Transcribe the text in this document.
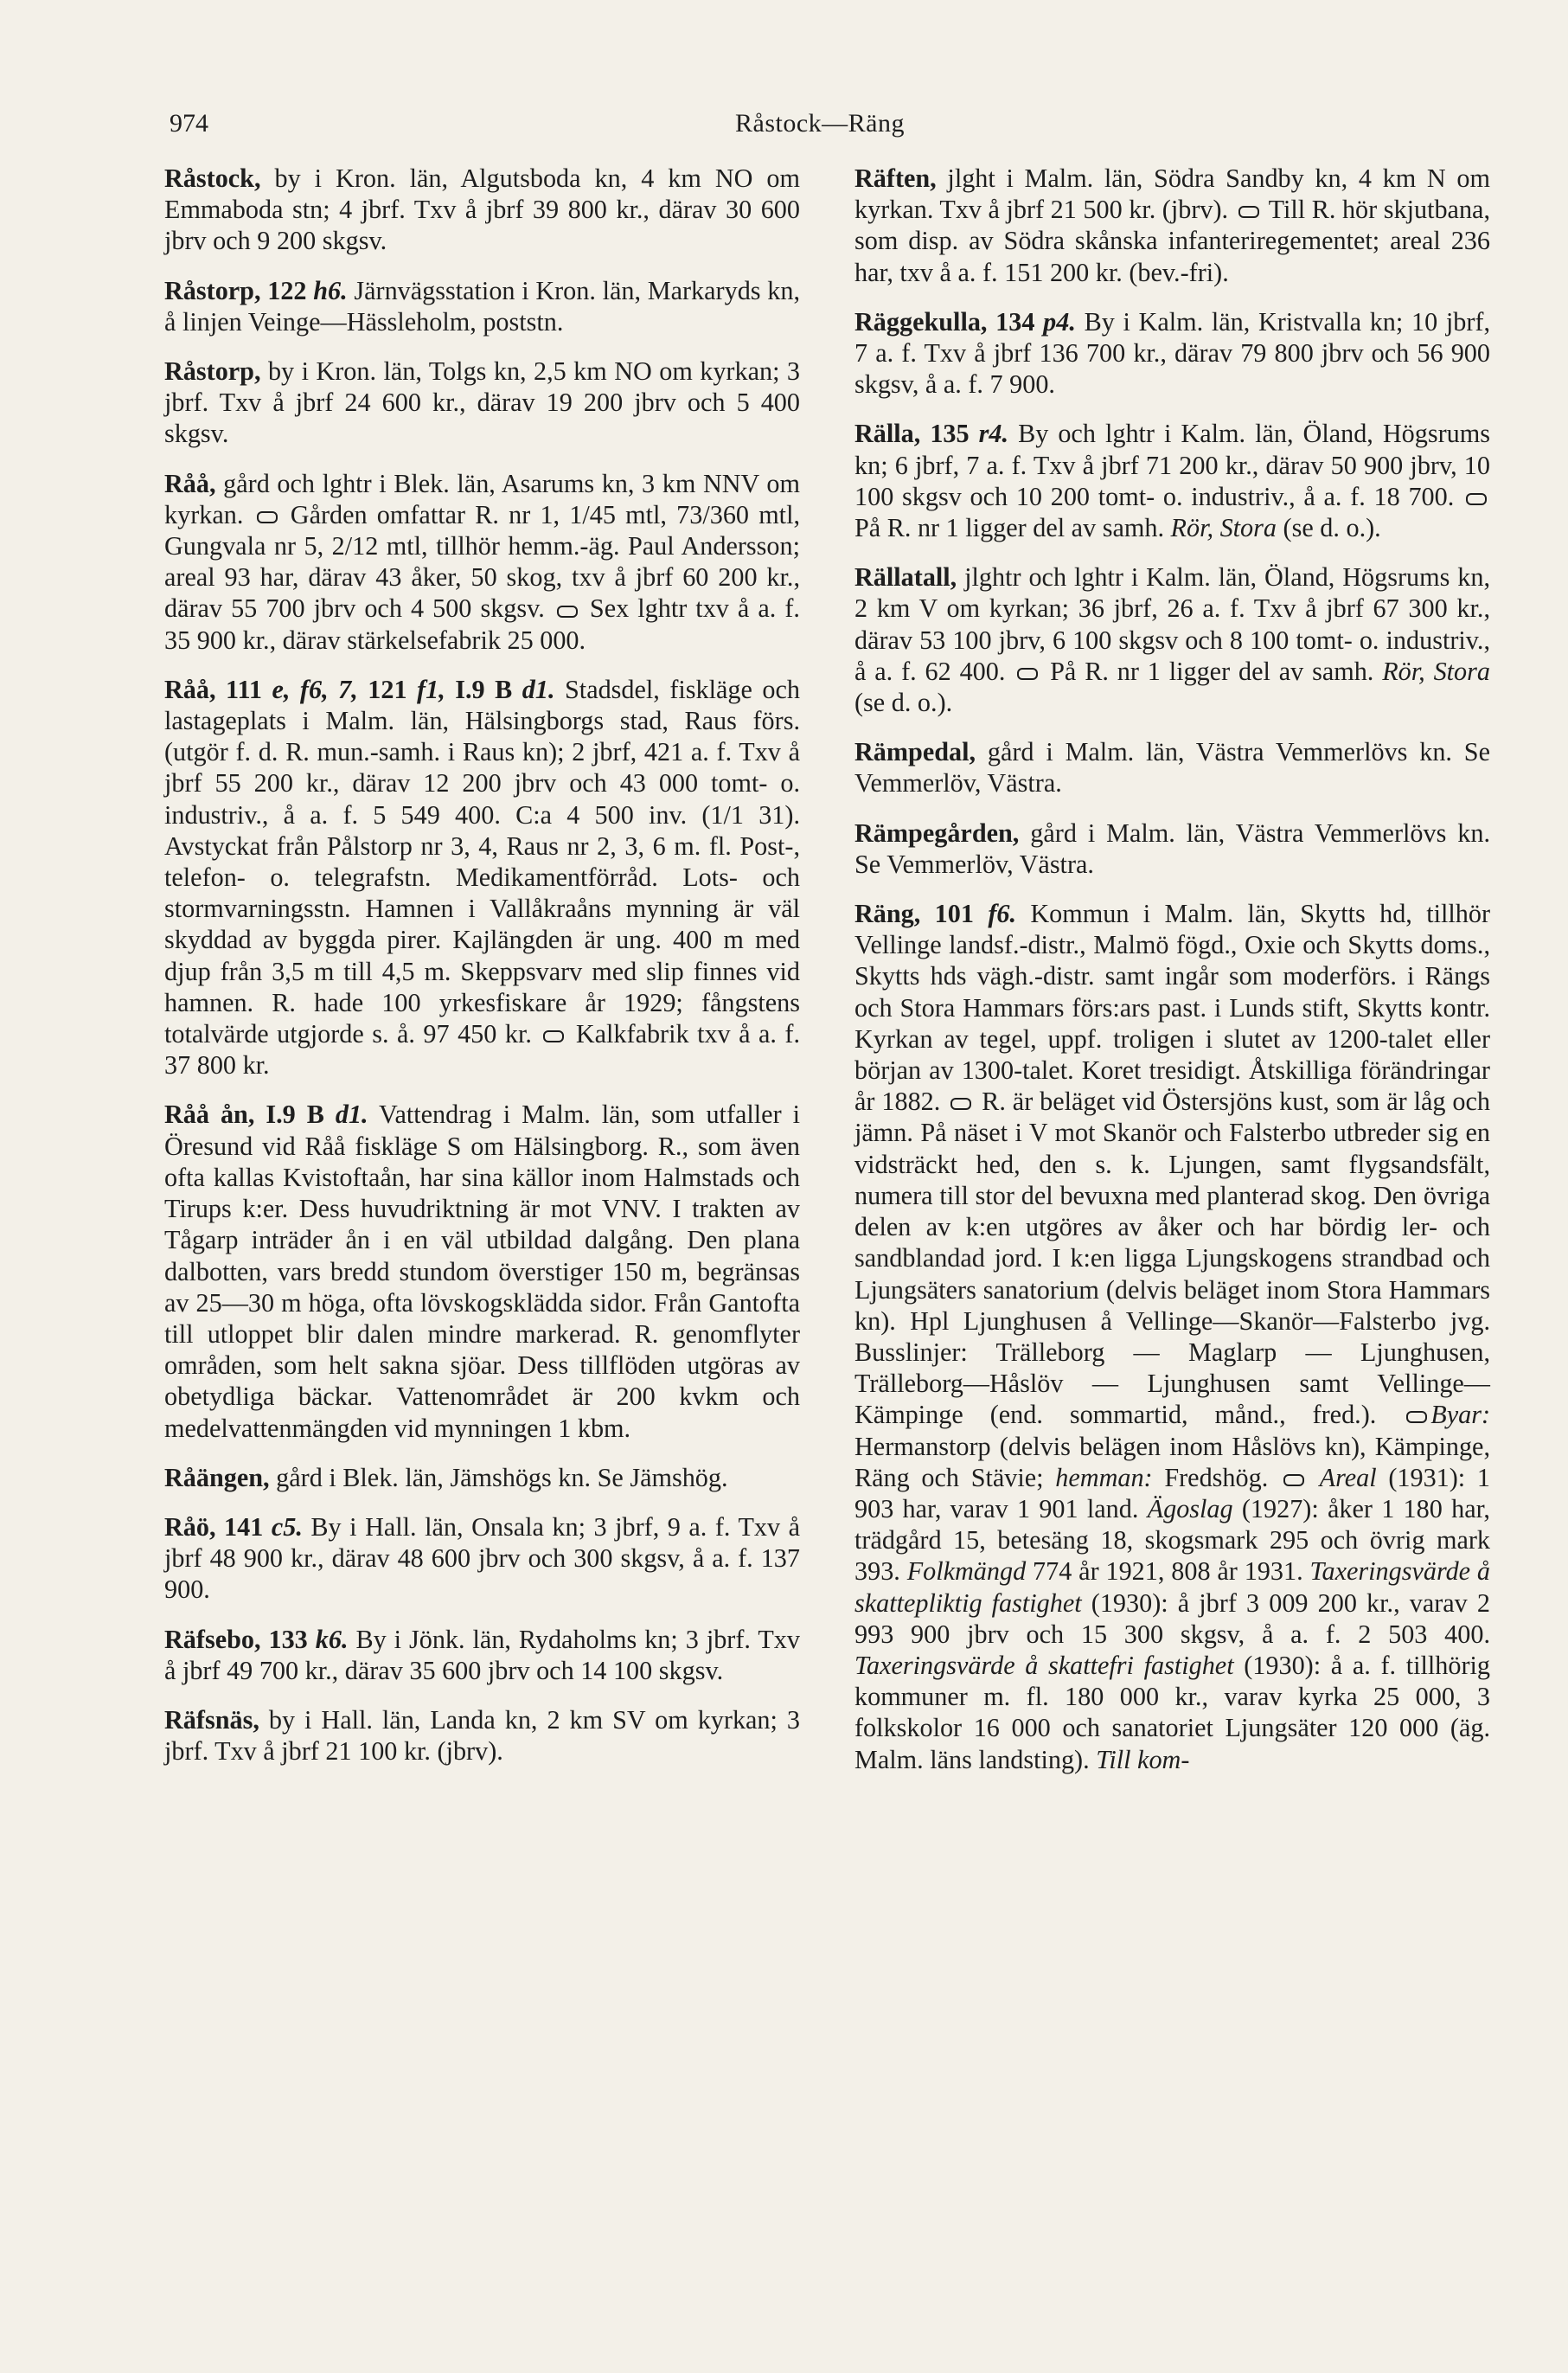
974	Råstock—Räng

Råstock, by i Kron. län, Algutsboda kn, 4 km NO om Emmaboda stn; 4 jbrf. Txv å jbrf 39 800 kr., därav 30 600 jbrv och 9 200 skgsv.

Råstorp, 122 h6. Järnvägsstation i Kron. län, Markaryds kn, å linjen Veinge—Hässleholm, poststn.

Råstorp, by i Kron. län, Tolgs kn, 2,5 km NO om kyrkan; 3 jbrf. Txv å jbrf 24 600 kr., därav 19 200 jbrv och 5 400 skgsv.

Råå, gård och lghtr i Blek. län, Asarums kn, 3 km NNV om kyrkan.  Gården omfattar R. nr 1, 1/45 mtl, 73/360 mtl, Gungvala nr 5, 2/12 mtl, tillhör hemm.-äg. Paul Andersson; areal 93 har, därav 43 åker, 50 skog, txv å jbrf 60 200 kr., därav 55 700 jbrv och 4 500 skgsv.  Sex lghtr txv å a. f. 35 900 kr., därav stärkelsefabrik 25 000.

Råå, 111 e, f6, 7, 121 f1, I.9 B d1. Stadsdel, fiskläge och lastageplats i Malm. län, Hälsingborgs stad, Raus förs. (utgör f. d. R. mun.-samh. i Raus kn); 2 jbrf, 421 a. f. Txv å jbrf 55 200 kr., därav 12 200 jbrv och 43 000 tomt- o. industriv., å a. f. 5 549 400. C:a 4 500 inv. (1/1 31). Avstyckat från Pålstorp nr 3, 4, Raus nr 2, 3, 6 m. fl. Post-, telefon- o. telegrafstn. Medikamentförråd. Lots- och stormvarningsstn. Hamnen i Vallåkraåns mynning är väl skyddad av byggda pirer. Kajlängden är ung. 400 m med djup från 3,5 m till 4,5 m. Skeppsvarv med slip finnes vid hamnen. R. hade 100 yrkesfiskare år 1929; fångstens totalvärde utgjorde s. å. 97 450 kr.  Kalkfabrik txv å a. f. 37 800 kr.

Råå ån, I.9 B d1. Vattendrag i Malm. län, som utfaller i Öresund vid Råå fiskläge S om Hälsingborg. R., som även ofta kallas Kvistoftaån, har sina källor inom Halmstads och Tirups k:er. Dess huvudriktning är mot VNV. I trakten av Tågarp inträder ån i en väl utbildad dalgång. Den plana dalbotten, vars bredd stundom överstiger 150 m, begränsas av 25—30 m höga, ofta lövskogsklädda sidor. Från Gantofta till utloppet blir dalen mindre markerad. R. genomflyter områden, som helt sakna sjöar. Dess tillflöden utgöras av obetydliga bäckar. Vattenområdet är 200 kvkm och medelvattenmängden vid mynningen 1 kbm.

Råängen, gård i Blek. län, Jämshögs kn. Se Jämshög.

Råö, 141 c5. By i Hall. län, Onsala kn; 3 jbrf, 9 a. f. Txv å jbrf 48 900 kr., därav 48 600 jbrv och 300 skgsv, å a. f. 137 900.

Räfsebo, 133 k6. By i Jönk. län, Rydaholms kn; 3 jbrf. Txv å jbrf 49 700 kr., därav 35 600 jbrv och 14 100 skgsv.

Räfsnäs, by i Hall. län, Landa kn, 2 km SV om kyrkan; 3 jbrf. Txv å jbrf 21 100 kr. (jbrv).

Räften, jlght i Malm. län, Södra Sandby kn, 4 km N om kyrkan. Txv å jbrf 21 500 kr. (jbrv).  Till R. hör skjutbana, som disp. av Södra skånska infanteriregementet; areal 236 har, txv å a. f. 151 200 kr. (bev.-fri).

Räggekulla, 134 p4. By i Kalm. län, Kristvalla kn; 10 jbrf, 7 a. f. Txv å jbrf 136 700 kr., därav 79 800 jbrv och 56 900 skgsv, å a. f. 7 900.

Rälla, 135 r4. By och lghtr i Kalm. län, Öland, Högsrums kn; 6 jbrf, 7 a. f. Txv å jbrf 71 200 kr., därav 50 900 jbrv, 10 100 skgsv och 10 200 tomt- o. industriv., å a. f. 18 700.  På R. nr 1 ligger del av samh. Rör, Stora (se d. o.).

Rällatall, jlghtr och lghtr i Kalm. län, Öland, Högsrums kn, 2 km V om kyrkan; 36 jbrf, 26 a. f. Txv å jbrf 67 300 kr., därav 53 100 jbrv, 6 100 skgsv och 8 100 tomt- o. industriv., å a. f. 62 400.  På R. nr 1 ligger del av samh. Rör, Stora (se d. o.).

Rämpedal, gård i Malm. län, Västra Vemmerlövs kn. Se Vemmerlöv, Västra.

Rämpegården, gård i Malm. län, Västra Vemmerlövs kn. Se Vemmerlöv, Västra.

Räng, 101 f6. Kommun i Malm. län, Skytts hd, tillhör Vellinge landsf.-distr., Malmö fögd., Oxie och Skytts doms., Skytts hds vägh.-distr. samt ingår som moderförs. i Rängs och Stora Hammars förs:ars past. i Lunds stift, Skytts kontr. Kyrkan av tegel, uppf. troligen i slutet av 1200-talet eller början av 1300-talet. Koret tresidigt. Åtskilliga förändringar år 1882.  R. är beläget vid Östersjöns kust, som är låg och jämn. På näset i V mot Skanör och Falsterbo utbreder sig en vidsträckt hed, den s. k. Ljungen, samt flygsandsfält, numera till stor del bevuxna med planterad skog. Den övriga delen av k:en utgöres av åker och har bördig ler- och sandblandad jord. I k:en ligga Ljungskogens strandbad och Ljungsäters sanatorium (delvis beläget inom Stora Hammars kn). Hpl Ljunghusen å Vellinge—Skanör—Falsterbo jvg. Busslinjer: Trälleborg — Maglarp — Ljunghusen, Trälleborg—Håslöv — Ljunghusen samt Vellinge—Kämpinge (end. sommartid, månd., fred.). Byar: Hermanstorp (delvis belägen inom Håslövs kn), Kämpinge, Räng och Stävie; hemman: Fredshög.  Areal (1931): 1 903 har, varav 1 901 land. Ägoslag (1927): åker 1 180 har, trädgård 15, betesäng 18, skogsmark 295 och övrig mark 393. Folkmängd 774 år 1921, 808 år 1931. Taxeringsvärde å skattepliktig fastighet (1930): å jbrf 3 009 200 kr., varav 2 993 900 jbrv och 15 300 skgsv, å a. f. 2 503 400. Taxeringsvärde å skattefri fastighet (1930): å a. f. tillhörig kommuner m. fl. 180 000 kr., varav kyrka 25 000, 3 folkskolor 16 000 och sanatoriet Ljungsäter 120 000 (äg. Malm. läns landsting). Till kom-
